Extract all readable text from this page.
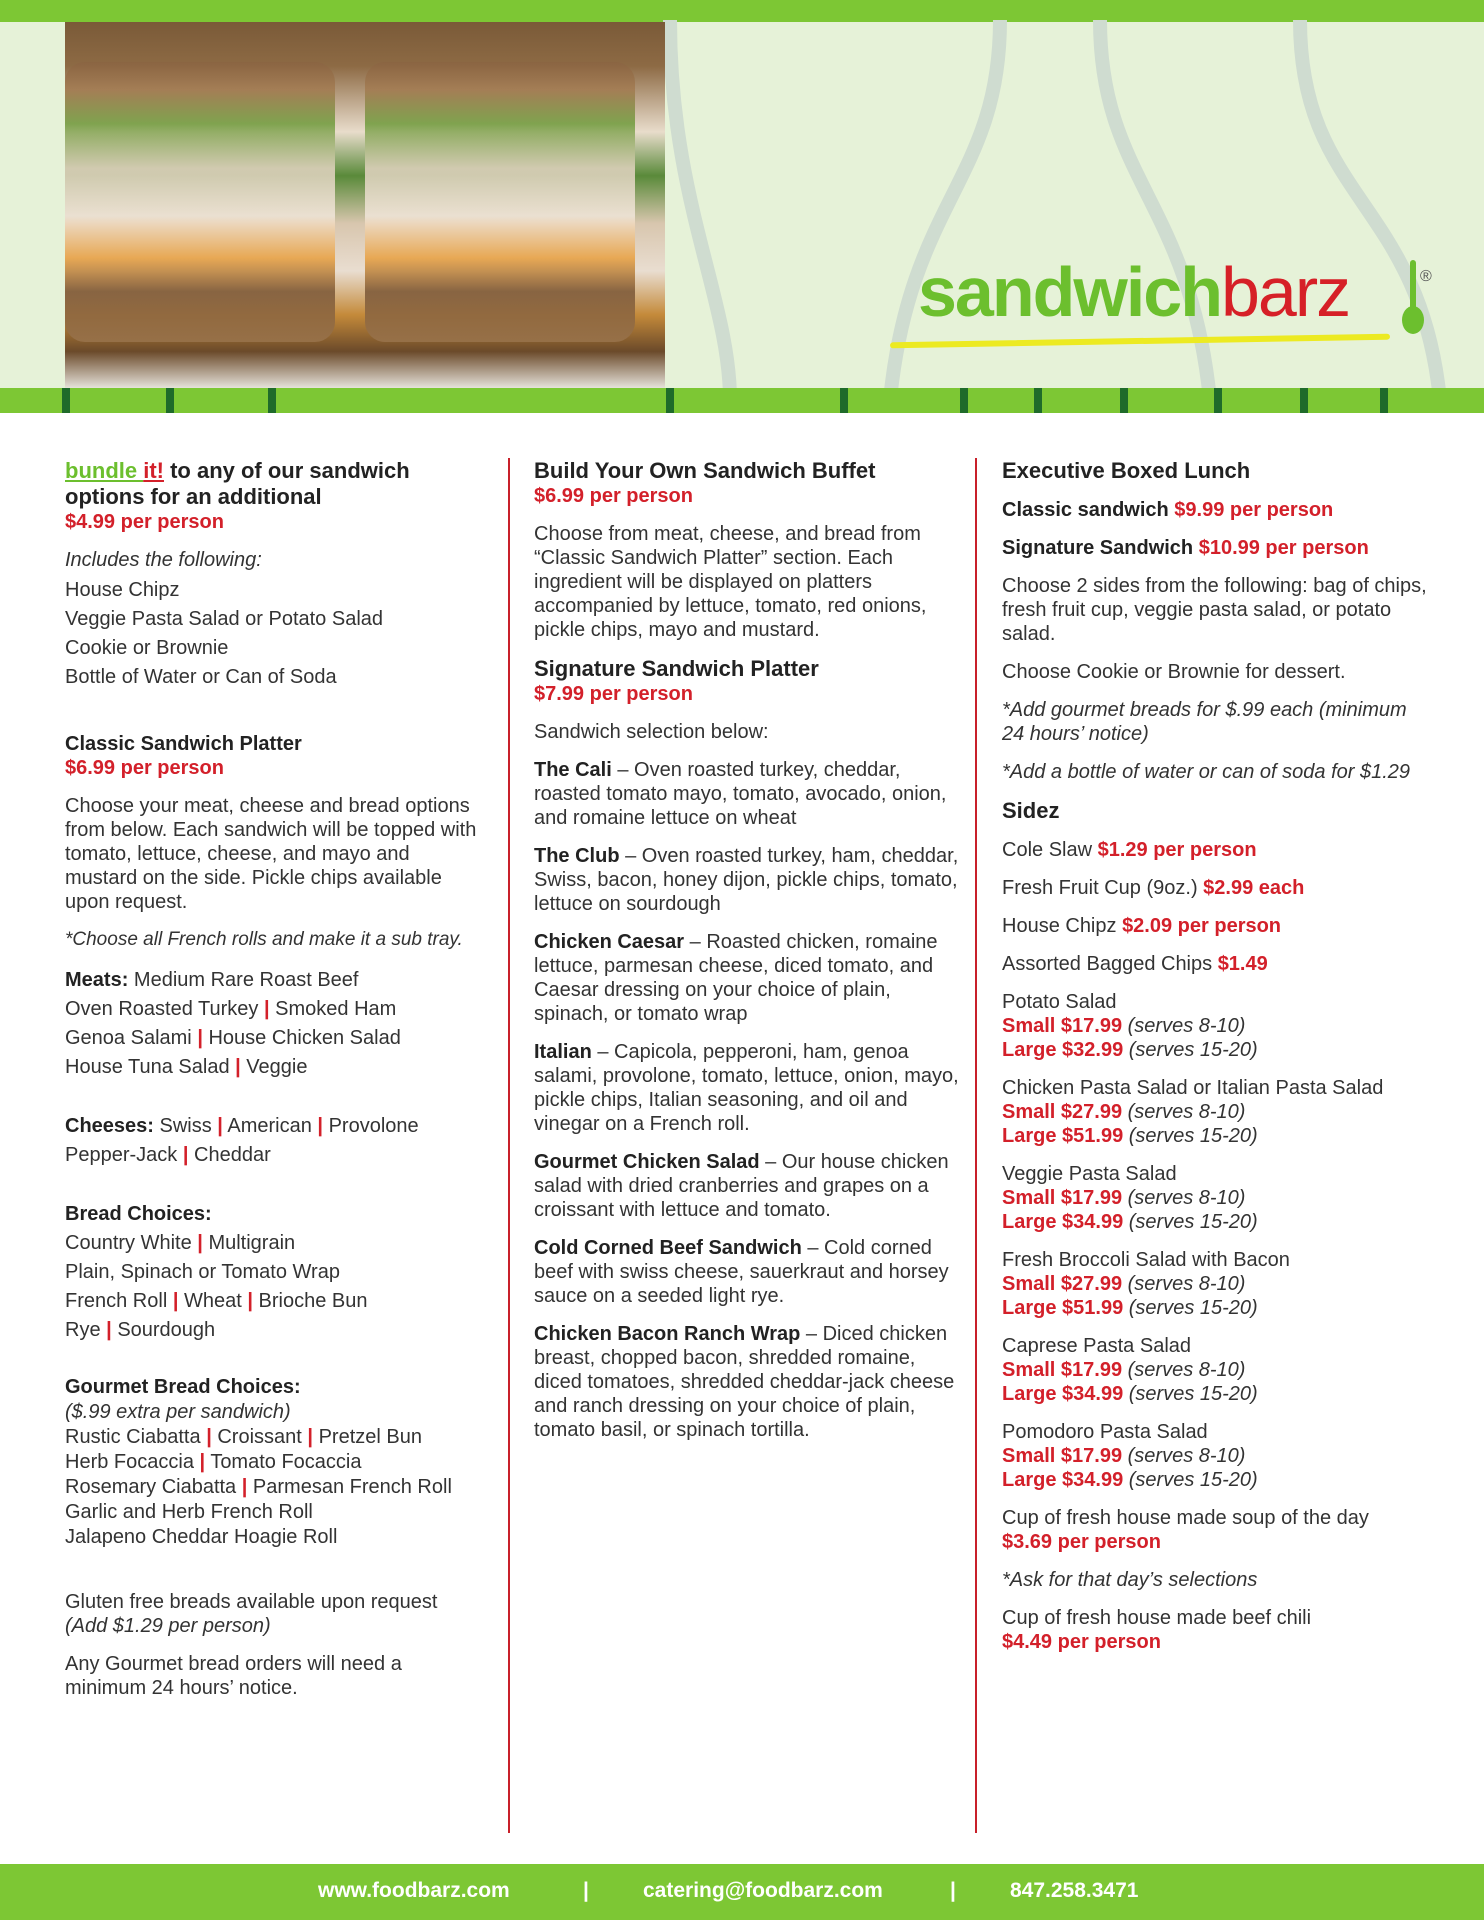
sandwichbarz	®
bundle it! to any of our sandwich options for an additional

$4.99 per person

Includes the following:
House Chipz
Veggie Pasta Salad or Potato Salad
Cookie or Brownie
Bottle of Water or Can of Soda
Classic Sandwich Platter

$6.99 per person

Choose your meat, cheese and bread options from below. Each sandwich will be topped with tomato, lettuce, cheese, and mayo and mustard on the side. Pickle chips available upon request.

*Choose all French rolls and make it a sub tray.

Meats: Medium Rare Roast Beef
Oven Roasted Turkey | Smoked Ham
Genoa Salami | House Chicken Salad
House Tuna Salad | Veggie
Cheeses: Swiss | American | Provolone
Pepper-Jack | Cheddar
Bread Choices:
Country White | Multigrain
Plain, Spinach or Tomato Wrap
French Roll | Wheat | Brioche Bun
Rye | Sourdough
Gourmet Bread Choices:
($.99 extra per sandwich)
Rustic Ciabatta | Croissant | Pretzel Bun
Herb Focaccia | Tomato Focaccia
Rosemary Ciabatta | Parmesan French Roll
Garlic and Herb French Roll
Jalapeno Cheddar Hoagie Roll

Gluten free breads available upon request (Add $1.29 per person)

Any Gourmet bread orders will need a minimum 24 hours’ notice.

Build Your Own Sandwich Buffet

$6.99 per person

Choose from meat, cheese, and bread from “Classic Sandwich Platter” section. Each ingredient will be displayed on platters accompanied by lettuce, tomato, red onions, pickle chips, mayo and mustard.

Signature Sandwich Platter

$7.99 per person

Sandwich selection below:

The Cali – Oven roasted turkey, cheddar, roasted tomato mayo, tomato, avocado, onion, and romaine lettuce on wheat

The Club – Oven roasted turkey, ham, cheddar, Swiss, bacon, honey dijon, pickle chips, tomato, lettuce on sourdough

Chicken Caesar – Roasted chicken, romaine lettuce, parmesan cheese, diced tomato, and Caesar dressing on your choice of plain, spinach, or tomato wrap

Italian – Capicola, pepperoni, ham, genoa salami, provolone, tomato, lettuce, onion, mayo, pickle chips, Italian seasoning, and oil and vinegar on a French roll.

Gourmet Chicken Salad – Our house chicken salad with dried cranberries and grapes on a croissant with lettuce and tomato.

Cold Corned Beef Sandwich – Cold corned beef with swiss cheese, sauerkraut and horsey sauce on a seeded light rye.

Chicken Bacon Ranch Wrap – Diced chicken breast, chopped bacon, shredded romaine, diced tomatoes, shredded cheddar-jack cheese and ranch dressing on your choice of plain, tomato basil, or spinach tortilla.

Executive Boxed Lunch

Classic sandwich $9.99 per person

Signature Sandwich $10.99 per person

Choose 2 sides from the following: bag of chips, fresh fruit cup, veggie pasta salad, or potato salad.

Choose Cookie or Brownie for dessert.

*Add gourmet breads for $.99 each (minimum 24 hours’ notice)

*Add a bottle of water or can of soda for $1.29

Sidez

Cole Slaw $1.29 per person

Fresh Fruit Cup (9oz.) $2.99 each

House Chipz $2.09 per person

Assorted Bagged Chips $1.49

Potato Salad
Small $17.99 (serves 8-10)
Large $32.99 (serves 15-20)
Chicken Pasta Salad or Italian Pasta Salad
Small $27.99 (serves 8-10)
Large $51.99 (serves 15-20)
Veggie Pasta Salad
Small $17.99 (serves 8-10)
Large $34.99 (serves 15-20)
Fresh Broccoli Salad with Bacon
Small $27.99 (serves 8-10)
Large $51.99 (serves 15-20)
Caprese Pasta Salad
Small $17.99 (serves 8-10)
Large $34.99 (serves 15-20)
Pomodoro Pasta Salad
Small $17.99 (serves 8-10)
Large $34.99 (serves 15-20)
Cup of fresh house made soup of the day
$3.69 per person

*Ask for that day’s selections

Cup of fresh house made beef chili
$4.49 per person
www.foodbarz.com	|	catering@foodbarz.com	|	847.258.3471
